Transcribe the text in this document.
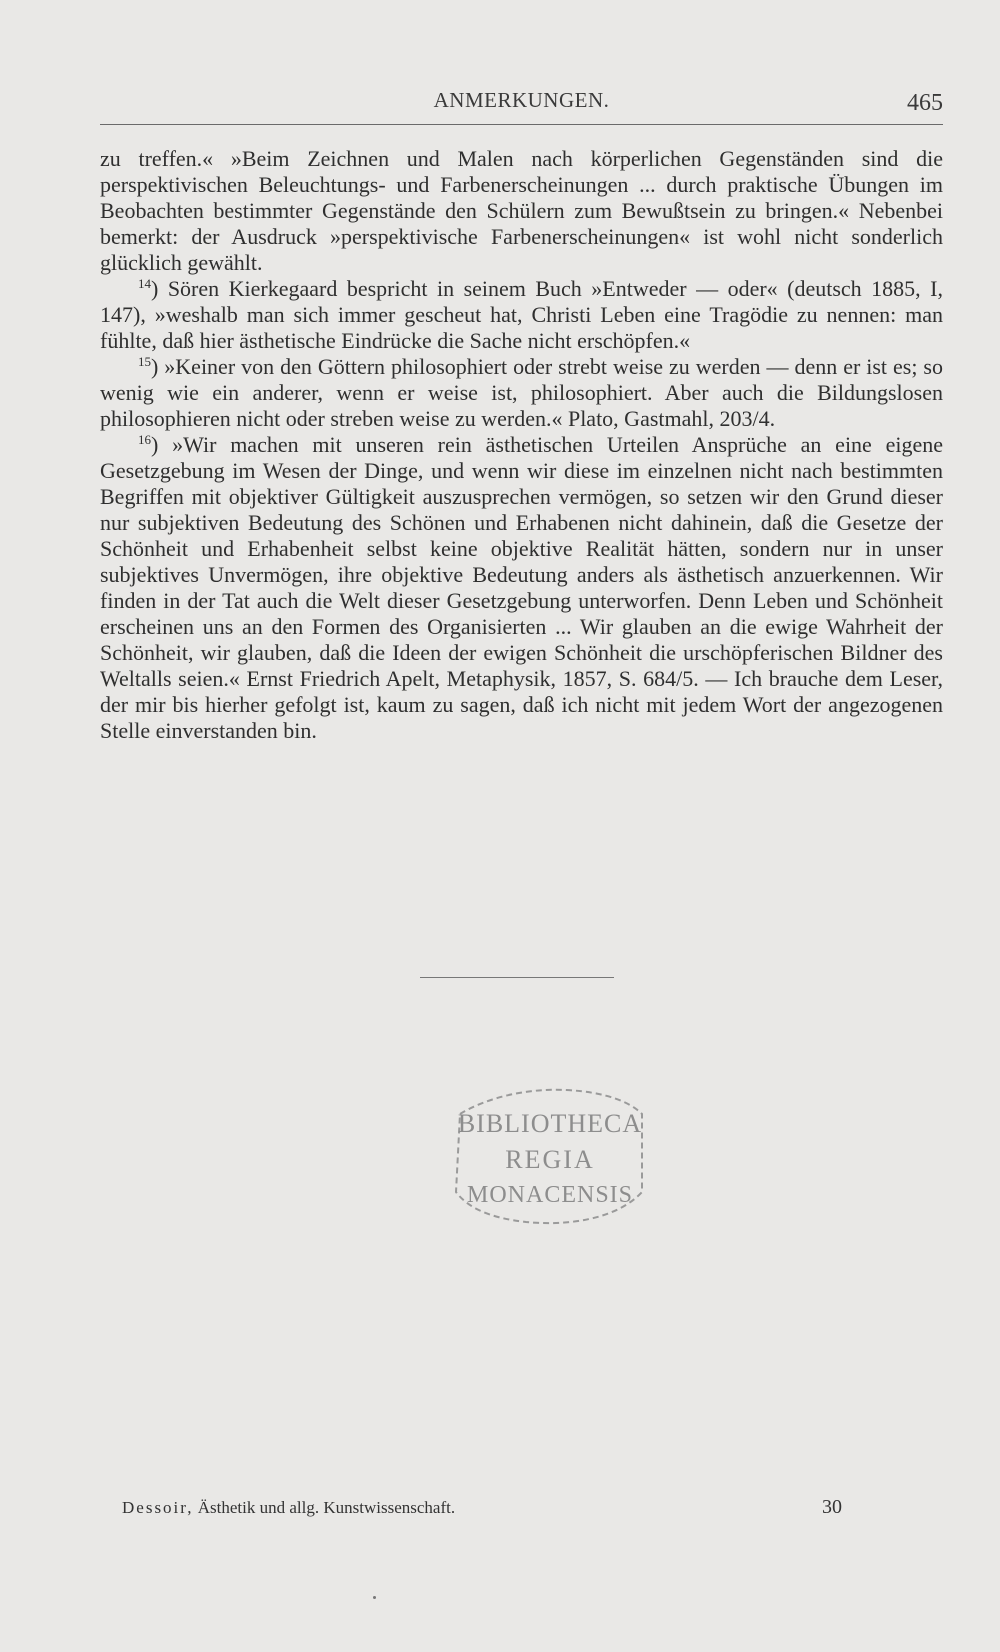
ANMERKUNGEN.	465

zu treffen.« »Beim Zeichnen und Malen nach körperlichen Gegenständen sind die perspektivischen Beleuchtungs- und Farbenerscheinungen ... durch praktische Übungen im Beobachten bestimmter Gegenstände den Schülern zum Bewußtsein zu bringen.« Nebenbei bemerkt: der Ausdruck »perspektivische Farbenerscheinungen« ist wohl nicht sonderlich glücklich gewählt.

$^{14}$) Sören Kierkegaard bespricht in seinem Buch »Entweder — oder« (deutsch 1885, I, 147), »weshalb man sich immer gescheut hat, Christi Leben eine Tragödie zu nennen: man fühlte, daß hier ästhetische Eindrücke die Sache nicht erschöpfen.«

$^{15}$) »Keiner von den Göttern philosophiert oder strebt weise zu werden — denn er ist es; so wenig wie ein anderer, wenn er weise ist, philosophiert. Aber auch die Bildungslosen philosophieren nicht oder streben weise zu werden.« Plato, Gastmahl, 203/4.

$^{16}$) »Wir machen mit unseren rein ästhetischen Urteilen Ansprüche an eine eigene Gesetzgebung im Wesen der Dinge, und wenn wir diese im einzelnen nicht nach bestimmten Begriffen mit objektiver Gültigkeit auszusprechen vermögen, so setzen wir den Grund dieser nur subjektiven Bedeutung des Schönen und Erhabenen nicht dahinein, daß die Gesetze der Schönheit und Erhabenheit selbst keine objektive Realität hätten, sondern nur in unser subjektives Unvermögen, ihre objektive Bedeutung anders als ästhetisch anzuerkennen. Wir finden in der Tat auch die Welt dieser Gesetzgebung unterworfen. Denn Leben und Schönheit erscheinen uns an den Formen des Organisierten ... Wir glauben an die ewige Wahrheit der Schönheit, wir glauben, daß die Ideen der ewigen Schönheit die urschöpferischen Bildner des Weltalls seien.« Ernst Friedrich Apelt, Metaphysik, 1857, S. 684/5. — Ich brauche dem Leser, der mir bis hierher gefolgt ist, kaum zu sagen, daß ich nicht mit jedem Wort der angezogenen Stelle einverstanden bin.

BIBLIOTHECA
REGIA
MONACENSIS
Dessoir, Ästhetik und allg. Kunstwissenschaft.	30
